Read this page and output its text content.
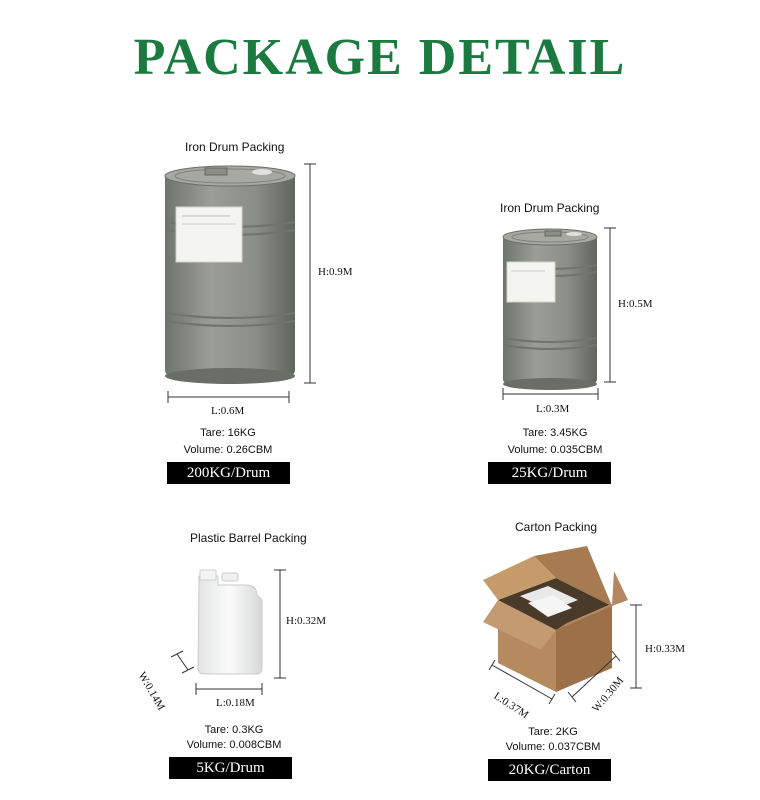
PACKAGE DETAIL
Iron Drum Packing
H:0.9M
L:0.6M
Tare: 16KG
Volume: 0.26CBM
200KG/Drum
Iron Drum Packing
H:0.5M
L:0.3M
Tare: 3.45KG
Volume: 0.035CBM
25KG/Drum
Plastic Barrel Packing
H:0.32M
W:0.14M	L:0.18M
Tare: 0.3KG
Volume: 0.008CBM
5KG/Drum
Carton Packing
H:0.33M
L:0.37M	W:0.30M
Tare: 2KG
Volume: 0.037CBM
20KG/Carton
